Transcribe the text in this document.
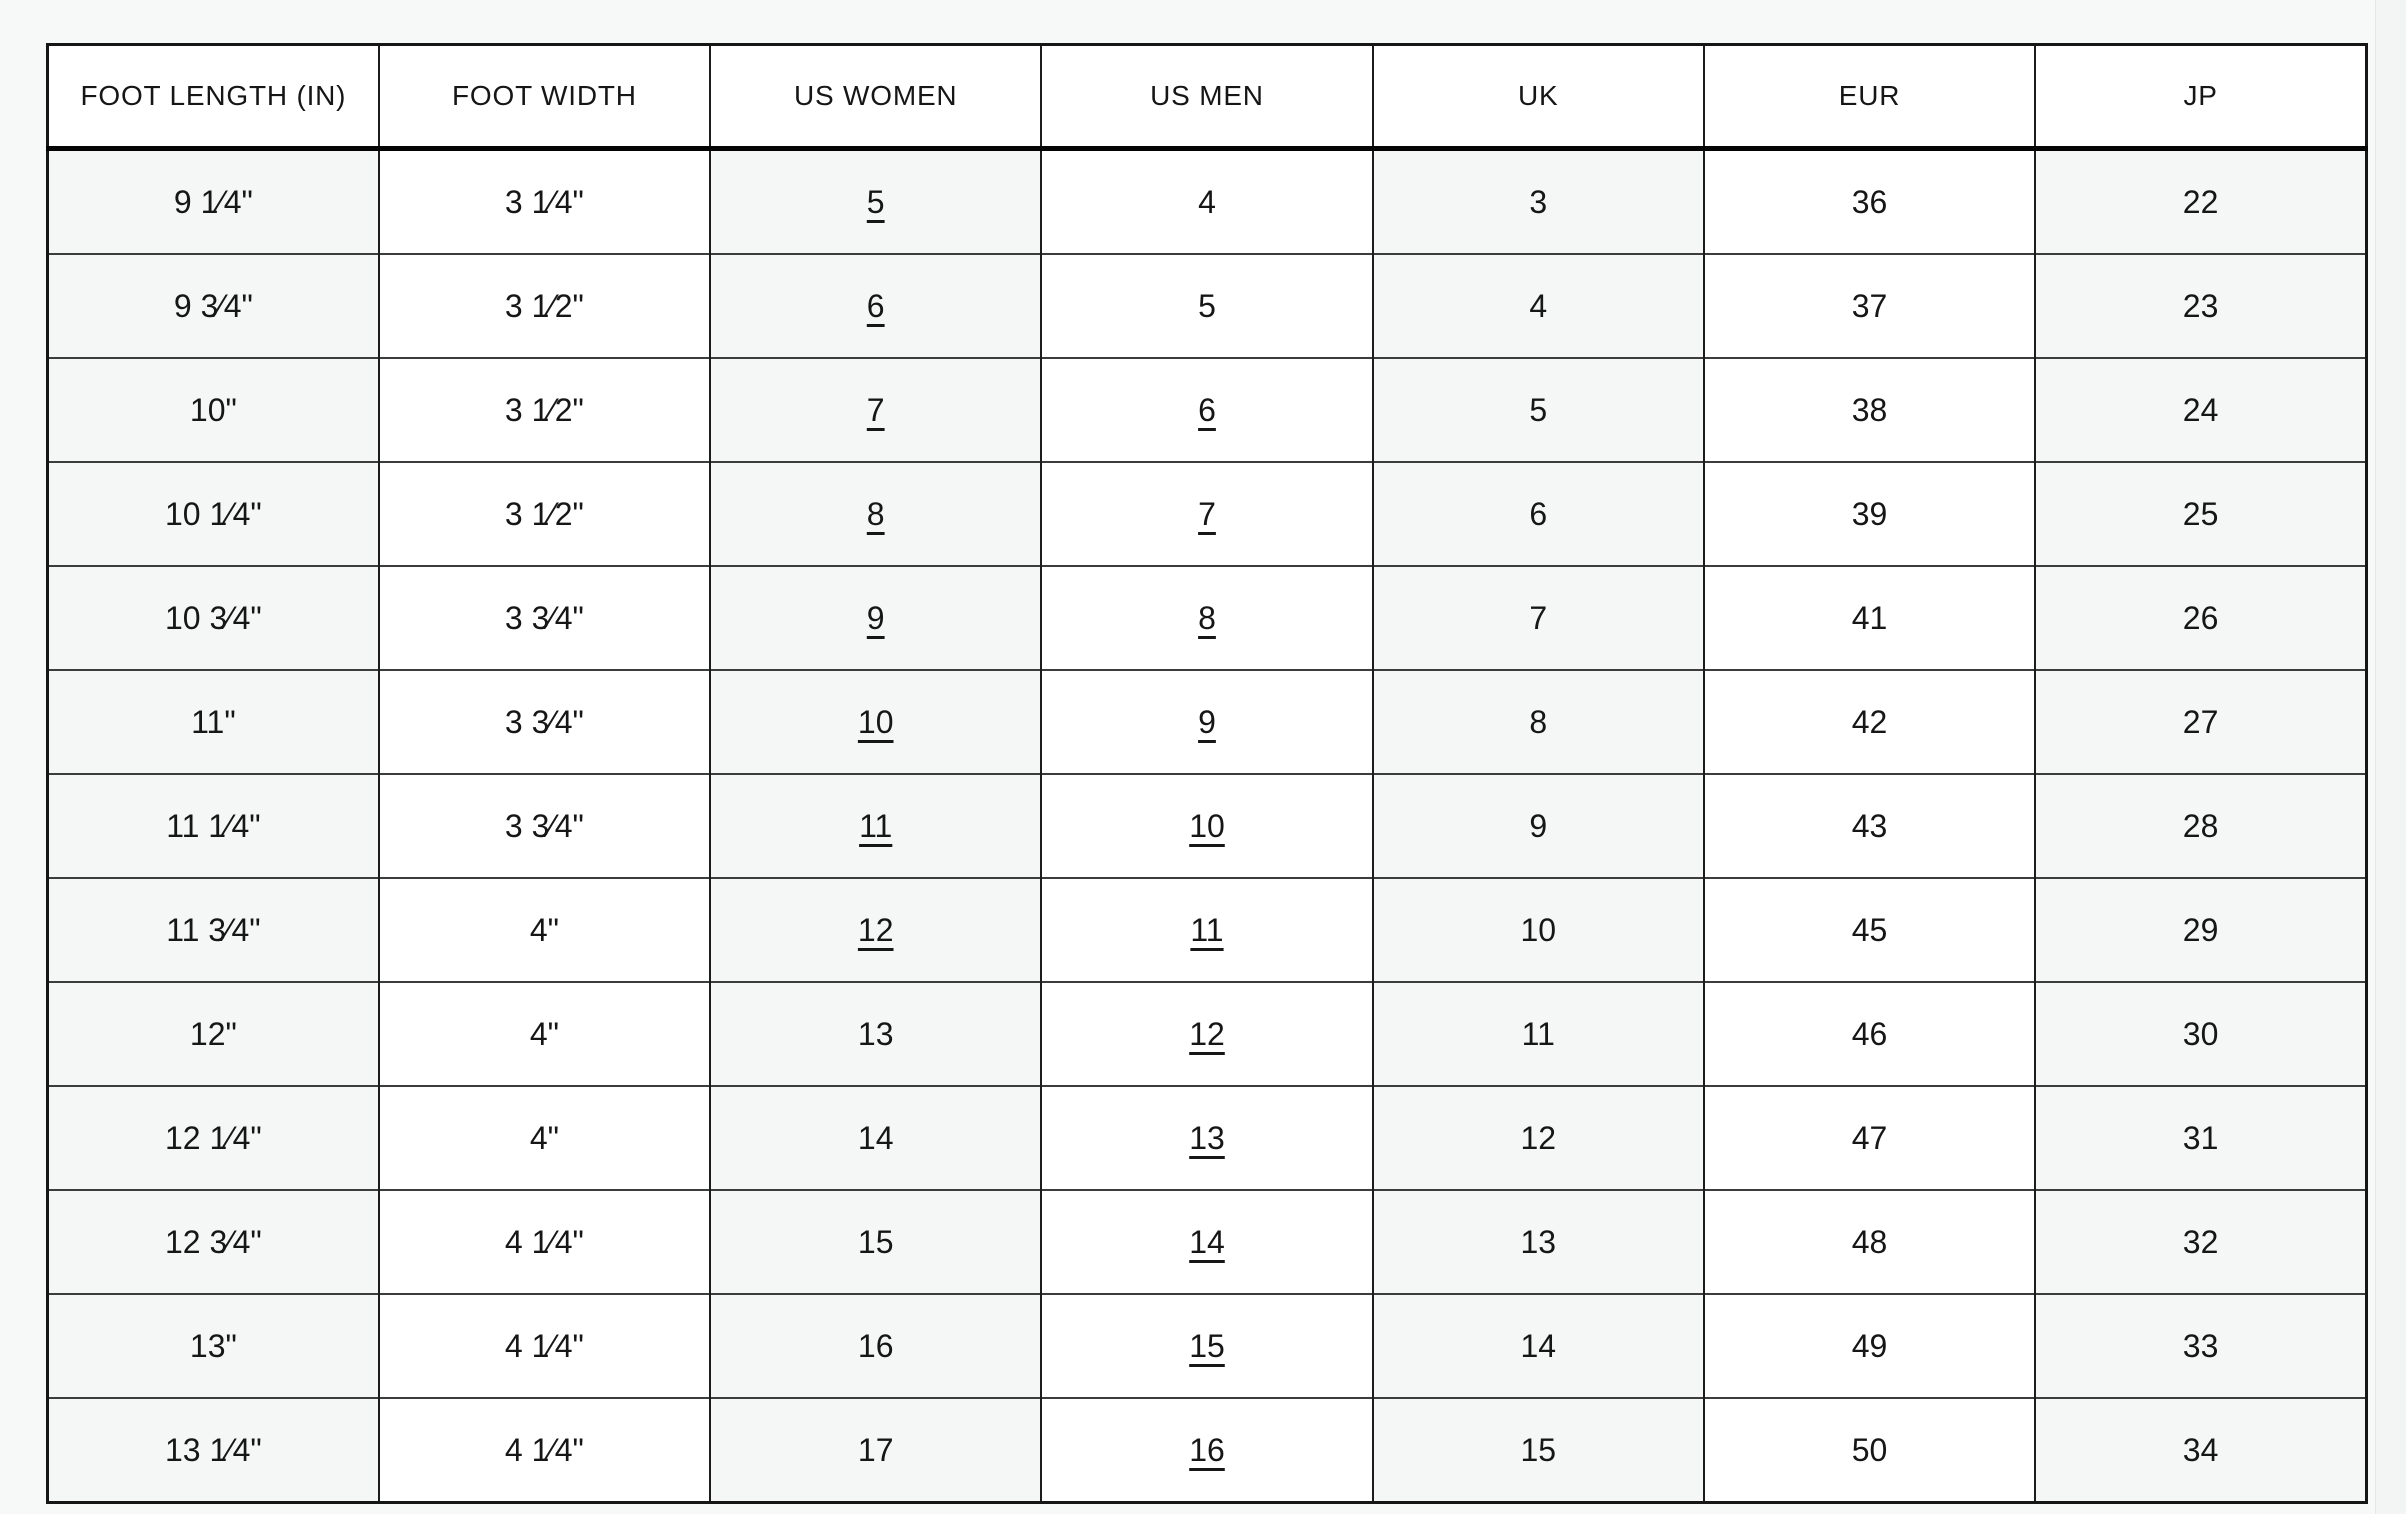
FOOT LENGTH (IN)	FOOT WIDTH	US WOMEN	US MEN	UK	EUR	JP
9 1⁄4"	3 1⁄4"	5	4	3	36	22
9 3⁄4"	3 1⁄2"	6	5	4	37	23
10"	3 1⁄2"	7	6	5	38	24
10 1⁄4"	3 1⁄2"	8	7	6	39	25
10 3⁄4"	3 3⁄4"	9	8	7	41	26
11"	3 3⁄4"	10	9	8	42	27
11 1⁄4"	3 3⁄4"	11	10	9	43	28
11 3⁄4"	4"	12	11	10	45	29
12"	4"	13	12	11	46	30
12 1⁄4"	4"	14	13	12	47	31
12 3⁄4"	4 1⁄4"	15	14	13	48	32
13"	4 1⁄4"	16	15	14	49	33
13 1⁄4"	4 1⁄4"	17	16	15	50	34
